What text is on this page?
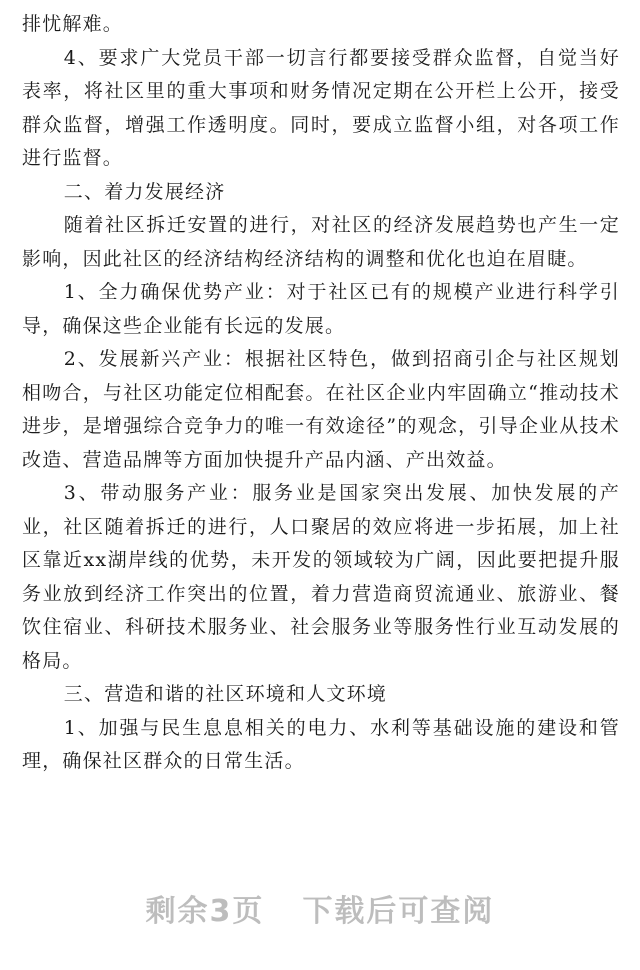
排忧解难。

4、要求广大党员干部一切言行都要接受群众监督，自觉当好表率，将社区里的重大事项和财务情况定期在公开栏上公开，接受群众监督，增强工作透明度。同时，要成立监督小组，对各项工作进行监督。

二、着力发展经济

随着社区拆迁安置的进行，对社区的经济发展趋势也产生一定影响，因此社区的经济结构经济结构的调整和优化也迫在眉睫。

1、全力确保优势产业：对于社区已有的规模产业进行科学引导，确保这些企业能有长远的发展。

2、发展新兴产业：根据社区特色，做到招商引企与社区规划相吻合，与社区功能定位相配套。在社区企业内牢固确立“推动技术进步，是增强综合竞争力的唯一有效途径”的观念，引导企业从技术改造、营造品牌等方面加快提升产品内涵、产出效益。

3、带动服务产业：服务业是国家突出发展、加快发展的产业，社区随着拆迁的进行，人口聚居的效应将进一步拓展，加上社区靠近xx湖岸线的优势，未开发的领域较为广阔，因此要把提升服务业放到经济工作突出的位置，着力营造商贸流通业、旅游业、餐饮住宿业、科研技术服务业、社会服务业等服务性行业互动发展的格局。

三、营造和谐的社区环境和人文环境

1、加强与民生息息相关的电力、水利等基础设施的建设和管理，确保社区群众的日常生活。

剩余3页 下载后可查阅
